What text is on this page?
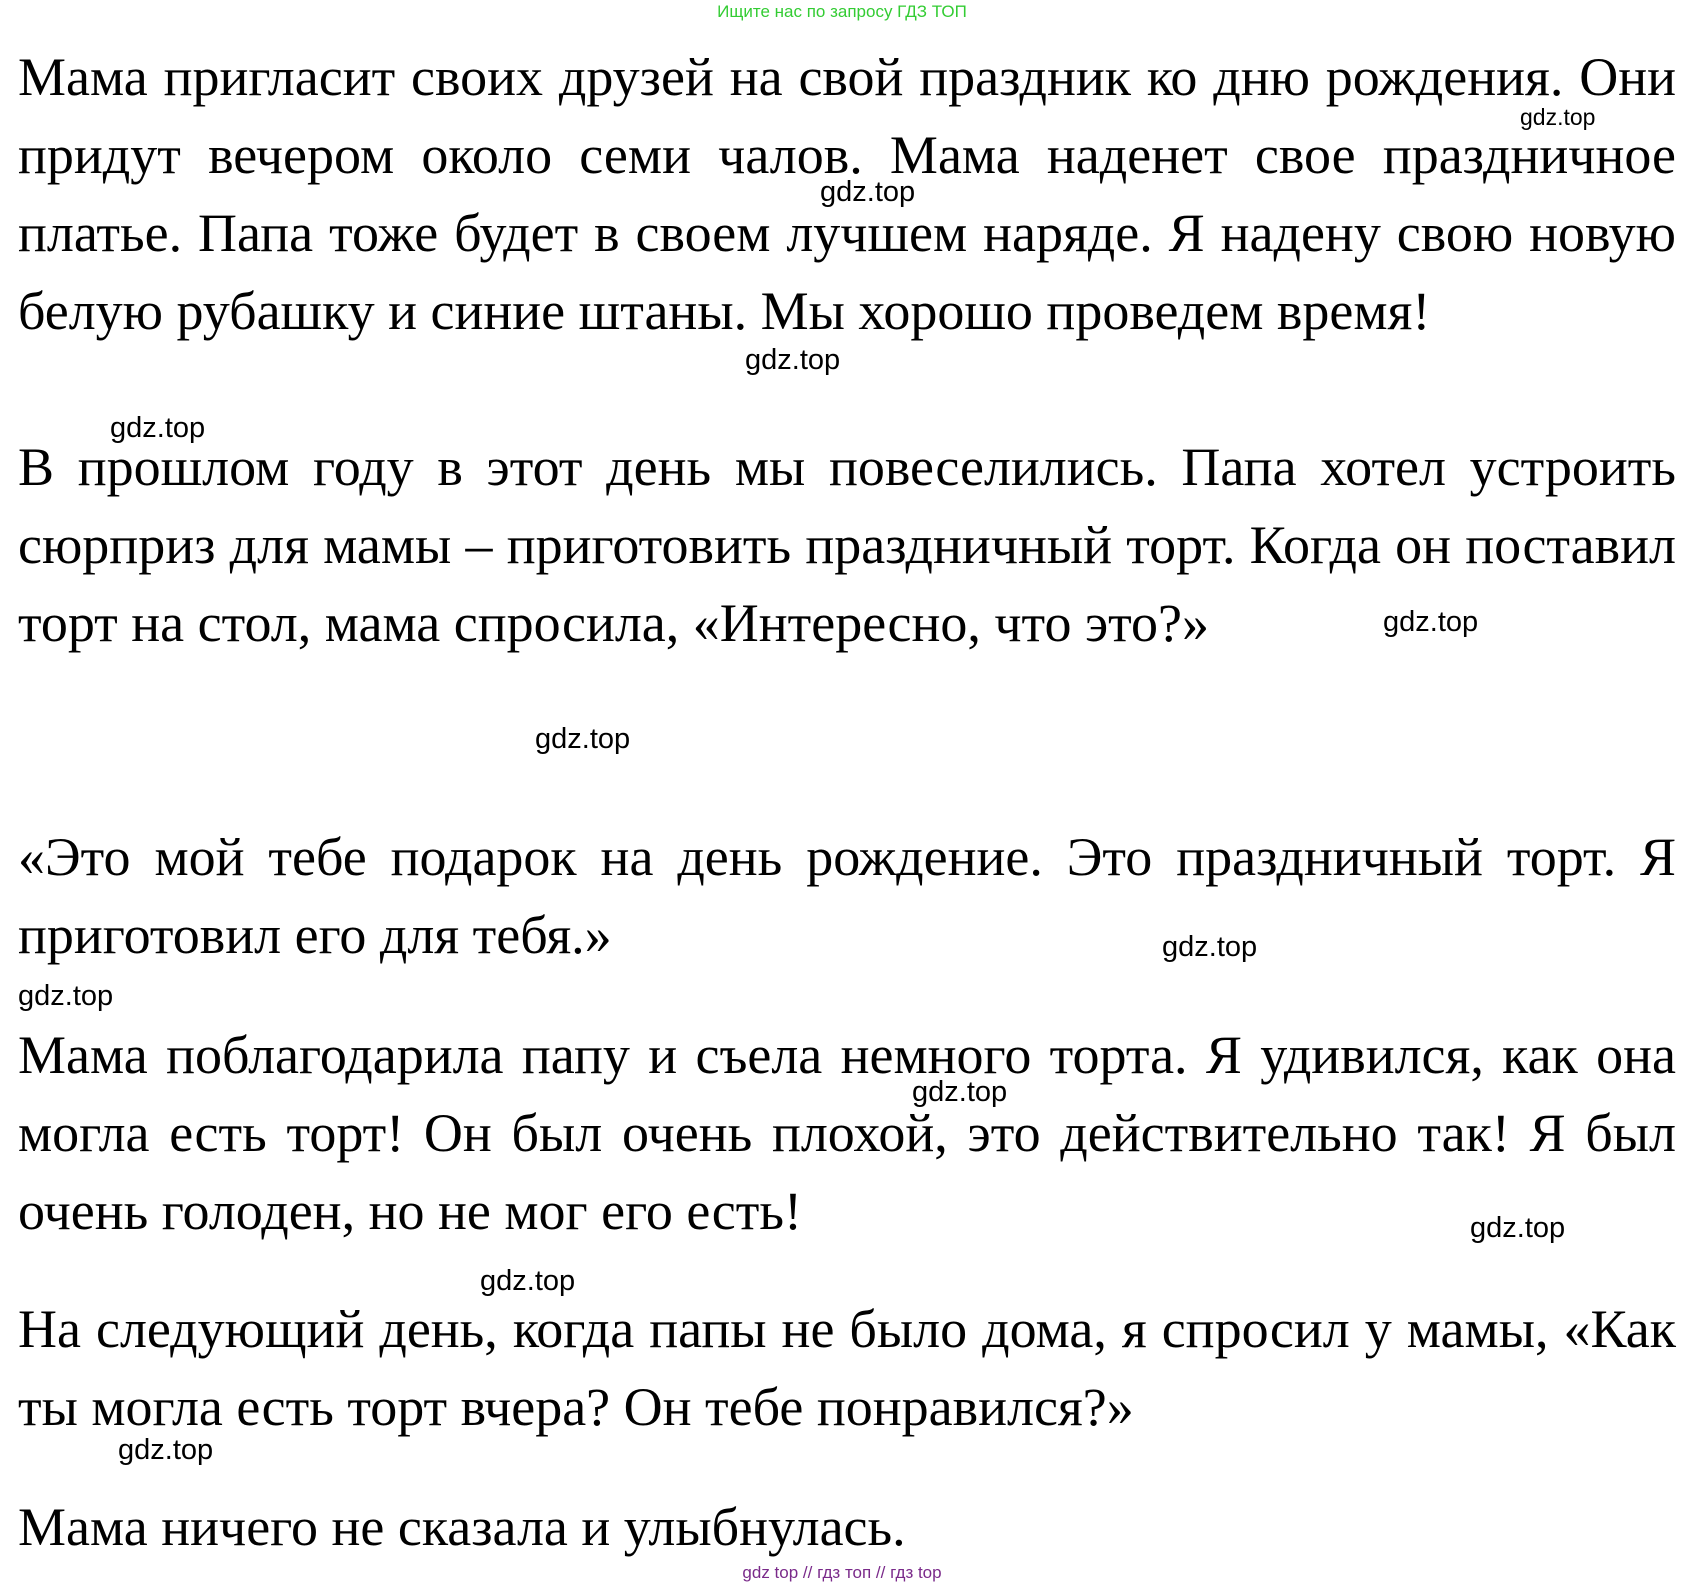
Ищите нас по запросу ГДЗ ТОП

Мама пригласит своих друзей на свой праздник ко дню рождения. Они придут вечером около семи чалов. Мама наденет свое праздничное платье. Папа тоже будет в своем лучшем наряде. Я надену свою новую белую рубашку и синие штаны. Мы хорошо проведем время!

В прошлом году в этот день мы повеселились. Папа хотел устроить сюрприз для мамы – приготовить праздничный торт. Когда он поставил торт на стол, мама спросила, «Интересно, что это?»

«Это мой тебе подарок на день рождение. Это праздничный торт. Я приготовил его для тебя.»

Мама поблагодарила папу и съела немного торта. Я удивился, как она могла есть торт! Он был очень плохой, это действительно так! Я был очень голоден, но не мог его есть!

На следующий день, когда папы не было дома, я спросил у мамы, «Как ты могла есть торт вчера? Он тебе понравился?»

Мама ничего не сказала и улыбнулась.

gdz.top
gdz.top
gdz.top
gdz.top
gdz.top
gdz.top
gdz.top
gdz.top
gdz.top
gdz.top
gdz.top
gdz.top
gdz top // гдз топ // гдз top
